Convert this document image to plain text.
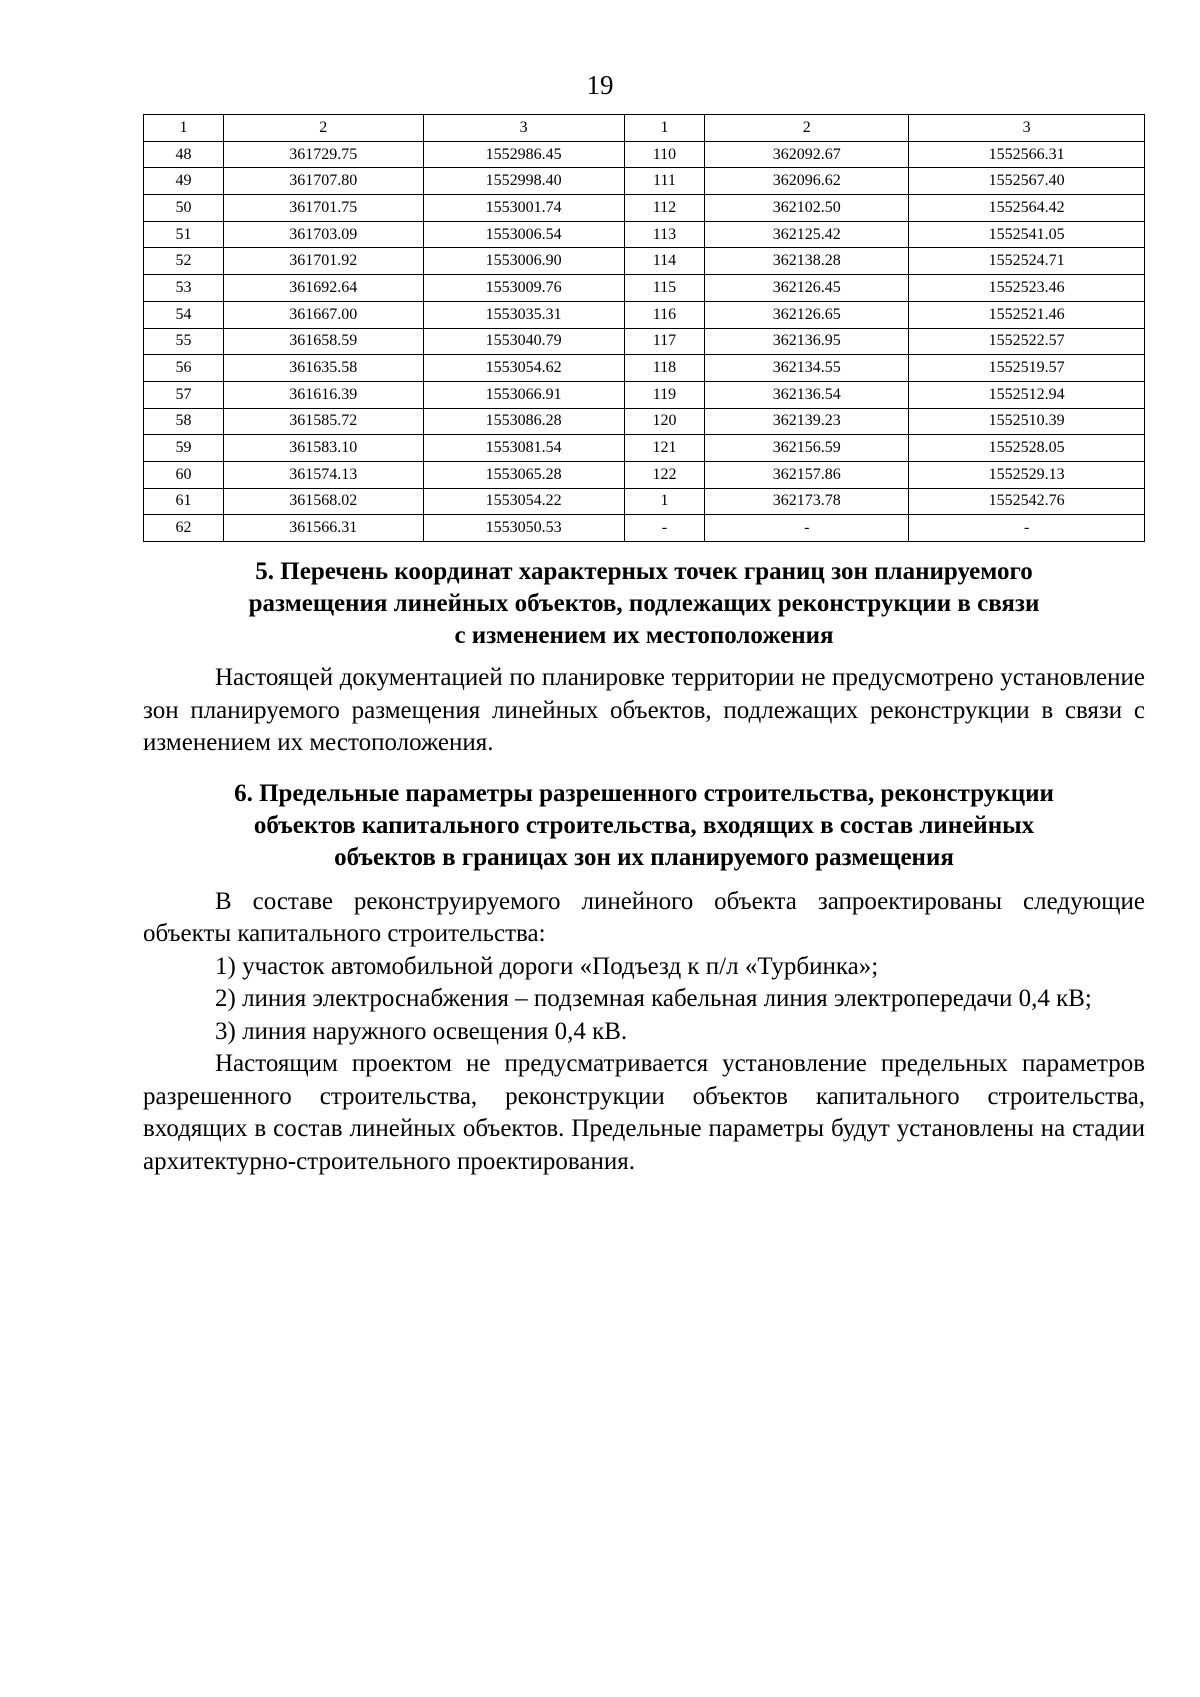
19
1	2	3	1	2	3
48	361729.75	1552986.45	110	362092.67	1552566.31
49	361707.80	1552998.40	111	362096.62	1552567.40
50	361701.75	1553001.74	112	362102.50	1552564.42
51	361703.09	1553006.54	113	362125.42	1552541.05
52	361701.92	1553006.90	114	362138.28	1552524.71
53	361692.64	1553009.76	115	362126.45	1552523.46
54	361667.00	1553035.31	116	362126.65	1552521.46
55	361658.59	1553040.79	117	362136.95	1552522.57
56	361635.58	1553054.62	118	362134.55	1552519.57
57	361616.39	1553066.91	119	362136.54	1552512.94
58	361585.72	1553086.28	120	362139.23	1552510.39
59	361583.10	1553081.54	121	362156.59	1552528.05
60	361574.13	1553065.28	122	362157.86	1552529.13
61	361568.02	1553054.22	1	362173.78	1552542.76
62	361566.31	1553050.53	-	-	-
5. Перечень координат характерных точек границ зон планируемого
размещения линейных объектов, подлежащих реконструкции в связи
с изменением их местоположения

Настоящей документацией по планировке территории не предусмотрено установление зон планируемого размещения линейных объектов, подлежащих реконструкции в связи с изменением их местоположения.

6. Предельные параметры разрешенного строительства, реконструкции
объектов капитального строительства, входящих в состав линейных
объектов в границах зон их планируемого размещения

В составе реконструируемого линейного объекта запроектированы следующие объекты капитального строительства:

1) участок автомобильной дороги «Подъезд к п/л «Турбинка»;

2) линия электроснабжения – подземная кабельная линия электропередачи 0,4 кВ;

3) линия наружного освещения 0,4 кВ.

Настоящим проектом не предусматривается установление предельных параметров разрешенного строительства, реконструкции объектов капитального строительства, входящих в состав линейных объектов. Предельные параметры будут установлены на стадии архитектурно-строительного проектирования.
